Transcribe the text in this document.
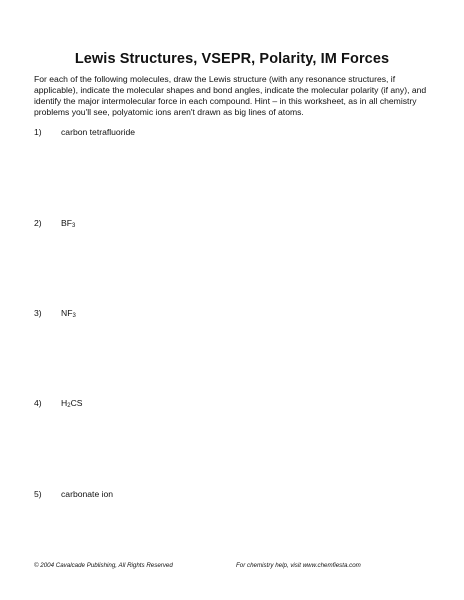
Lewis Structures, VSEPR, Polarity, IM Forces
For each of the following molecules, draw the Lewis structure (with any resonance structures, if applicable), indicate the molecular shapes and bond angles, indicate the molecular polarity (if any), and identify the major intermolecular force in each compound. Hint – in this worksheet, as in all chemistry problems you'll see, polyatomic ions aren't drawn as big lines of atoms.
1) carbon tetrafluoride
2) $BF_3$
3) $NF_3$
4) $H_2CS$
5) carbonate ion
© 2004 Cavalcade Publishing, All Rights Reserved	For chemistry help, visit www.chemfiesta.com
